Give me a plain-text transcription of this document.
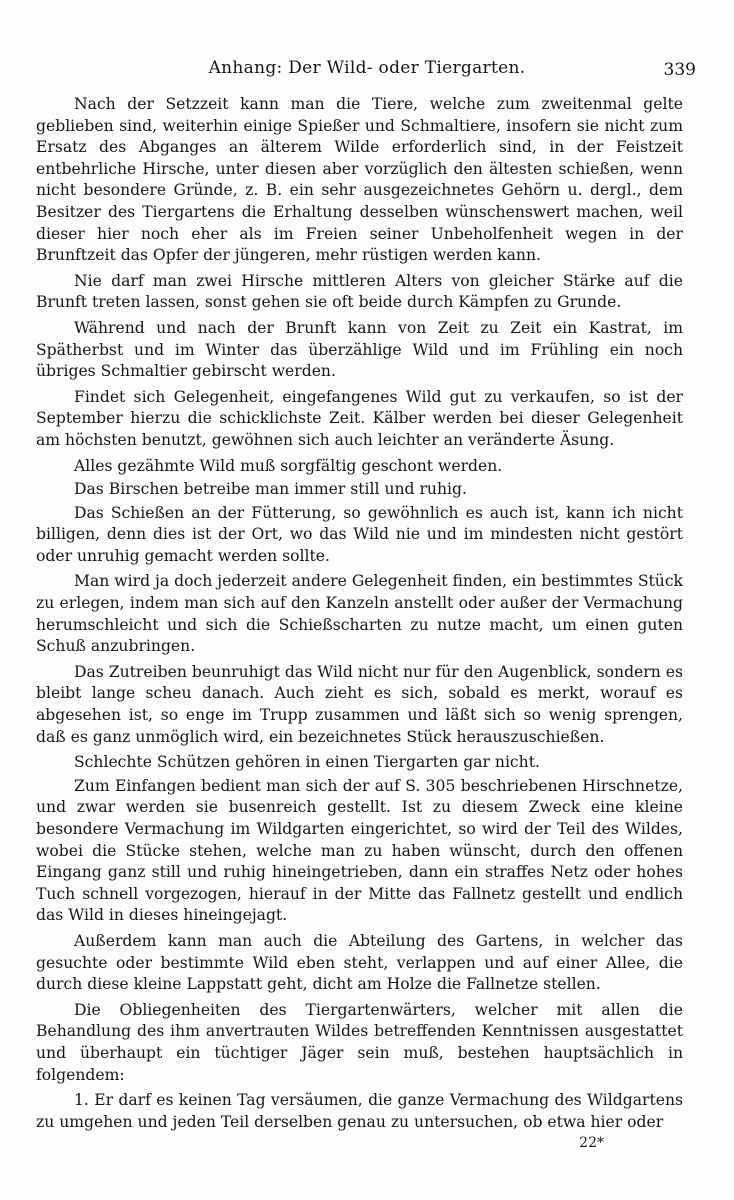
Anhang: Der Wild- oder Tiergarten.	339

Nach der Setzzeit kann man die Tiere, welche zum zweitenmal gelte geblieben sind, weiterhin einige Spießer und Schmaltiere, insofern sie nicht zum Ersatz des Abganges an älterem Wilde erforderlich sind, in der Feistzeit entbehrliche Hirsche, unter diesen aber vorzüglich den ältesten schießen, wenn nicht besondere Gründe, z. B. ein sehr ausgezeichnetes Gehörn u. dergl., dem Besitzer des Tiergartens die Erhaltung desselben wünschenswert machen, weil dieser hier noch eher als im Freien seiner Unbeholfenheit wegen in der Brunftzeit das Opfer der jüngeren, mehr rüstigen werden kann.

Nie darf man zwei Hirsche mittleren Alters von gleicher Stärke auf die Brunft treten lassen, sonst gehen sie oft beide durch Kämpfen zu Grunde.

Während und nach der Brunft kann von Zeit zu Zeit ein Kastrat, im Spätherbst und im Winter das überzählige Wild und im Frühling ein noch übriges Schmaltier gebirscht werden.

Findet sich Gelegenheit, eingefangenes Wild gut zu verkaufen, so ist der September hierzu die schicklichste Zeit. Kälber werden bei dieser Gelegenheit am höchsten benutzt, gewöhnen sich auch leichter an veränderte Äsung.

Alles gezähmte Wild muß sorgfältig geschont werden.

Das Birschen betreibe man immer still und ruhig.

Das Schießen an der Fütterung, so gewöhnlich es auch ist, kann ich nicht billigen, denn dies ist der Ort, wo das Wild nie und im mindesten nicht gestört oder unruhig gemacht werden sollte.

Man wird ja doch jederzeit andere Gelegenheit finden, ein bestimmtes Stück zu erlegen, indem man sich auf den Kanzeln anstellt oder außer der Vermachung herumschleicht und sich die Schießscharten zu nutze macht, um einen guten Schuß anzubringen.

Das Zutreiben beunruhigt das Wild nicht nur für den Augenblick, sondern es bleibt lange scheu danach. Auch zieht es sich, sobald es merkt, worauf es abgesehen ist, so enge im Trupp zusammen und läßt sich so wenig sprengen, daß es ganz unmöglich wird, ein bezeichnetes Stück herauszuschießen.

Schlechte Schützen gehören in einen Tiergarten gar nicht.

Zum Einfangen bedient man sich der auf S. 305 beschriebenen Hirschnetze, und zwar werden sie busenreich gestellt. Ist zu diesem Zweck eine kleine besondere Vermachung im Wildgarten eingerichtet, so wird der Teil des Wildes, wobei die Stücke stehen, welche man zu haben wünscht, durch den offenen Eingang ganz still und ruhig hineingetrieben, dann ein straffes Netz oder hohes Tuch schnell vorgezogen, hierauf in der Mitte das Fallnetz gestellt und endlich das Wild in dieses hineingejagt.

Außerdem kann man auch die Abteilung des Gartens, in welcher das gesuchte oder bestimmte Wild eben steht, verlappen und auf einer Allee, die durch diese kleine Lappstatt geht, dicht am Holze die Fallnetze stellen.

Die Obliegenheiten des Tiergartenwärters, welcher mit allen die Behandlung des ihm anvertrauten Wildes betreffenden Kenntnissen ausgestattet und überhaupt ein tüchtiger Jäger sein muß, bestehen hauptsächlich in folgendem:

1. Er darf es keinen Tag versäumen, die ganze Vermachung des Wildgartens zu umgehen und jeden Teil derselben genau zu untersuchen, ob etwa hier oder

22*
